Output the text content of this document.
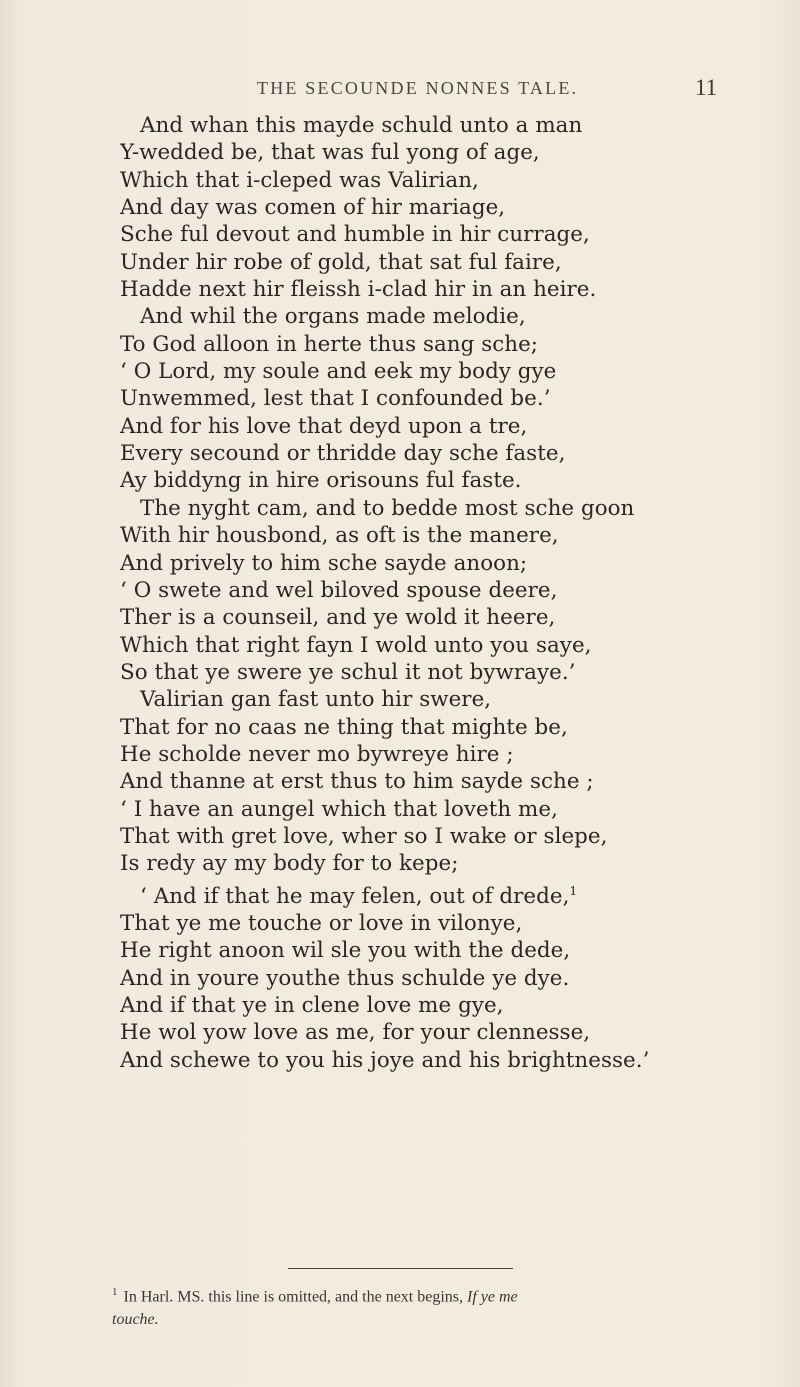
THE SECOUNDE NONNES TALE.	11
And whan this mayde schuld unto a man
Y-wedded be, that was ful yong of age,
Which that i-cleped was Valirian,
And day was comen of hir mariage,
Sche ful devout and humble in hir currage,
Under hir robe of gold, that sat ful faire,
Hadde next hir fleissh i-clad hir in an heire.
And whil the organs made melodie,
To God alloon in herte thus sang sche;
‘ O Lord, my soule and eek my body gye
Unwemmed, lest that I confounded be.’
And for his love that deyd upon a tre,
Every secound or thridde day sche faste,
Ay biddyng in hire orisouns ful faste.
The nyght cam, and to bedde most sche goon
With hir housbond, as oft is the manere,
And prively to him sche sayde anoon;
‘ O swete and wel biloved spouse deere,
Ther is a counseil, and ye wold it heere,
Which that right fayn I wold unto you saye,
So that ye swere ye schul it not bywraye.’
Valirian gan fast unto hir swere,
That for no caas ne thing that mighte be,
He scholde never mo bywreye hire ;
And thanne at erst thus to him sayde sche ;
‘ I have an aungel which that loveth me,
That with gret love, wher so I wake or slepe,
Is redy ay my body for to kepe;
‘ And if that he may felen, out of drede,$^1$
That ye me touche or love in vilonye,
He right anoon wil sle you with the dede,
And in youre youthe thus schulde ye dye.
And if that ye in clene love me gye,
He wol yow love as me, for your clennesse,
And schewe to you his joye and his brightnesse.’
$^1$ In Harl. MS. this line is omitted, and the next begins, If ye me
touche.
